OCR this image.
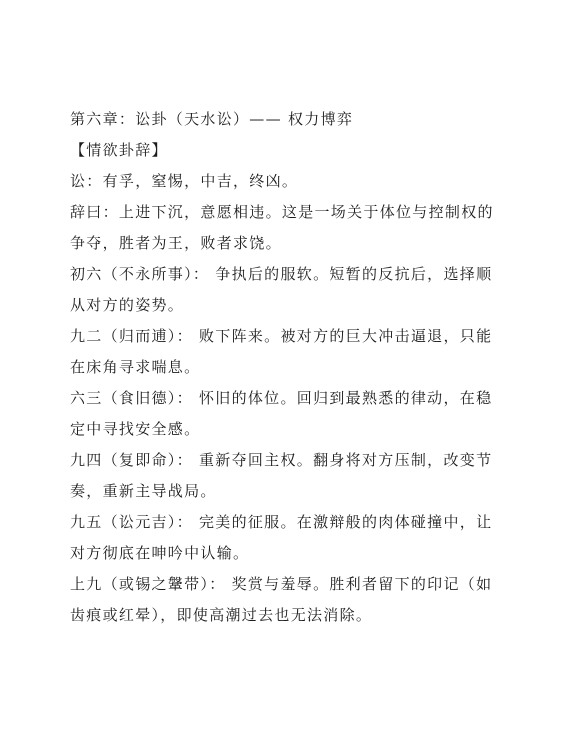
第六章：讼卦（天水讼）—— 权力博弈

【情欲卦辞】

讼：有孚，窒惕，中吉，终凶。

辞曰：上进下沉，意愿相违。这是一场关于体位与控制权的

争夺，胜者为王，败者求饶。

初六（不永所事）： 争执后的服软。短暂的反抗后，选择顺

从对方的姿势。

九二（归而逋）： 败下阵来。被对方的巨大冲击逼退，只能

在床角寻求喘息。

六三（食旧德）： 怀旧的体位。回归到最熟悉的律动，在稳

定中寻找安全感。

九四（复即命）： 重新夺回主权。翻身将对方压制，改变节

奏，重新主导战局。

九五（讼元吉）： 完美的征服。在激辩般的肉体碰撞中，让

对方彻底在呻吟中认输。

上九（或锡之鞶带）： 奖赏与羞辱。胜利者留下的印记（如

齿痕或红晕），即使高潮过去也无法消除。
